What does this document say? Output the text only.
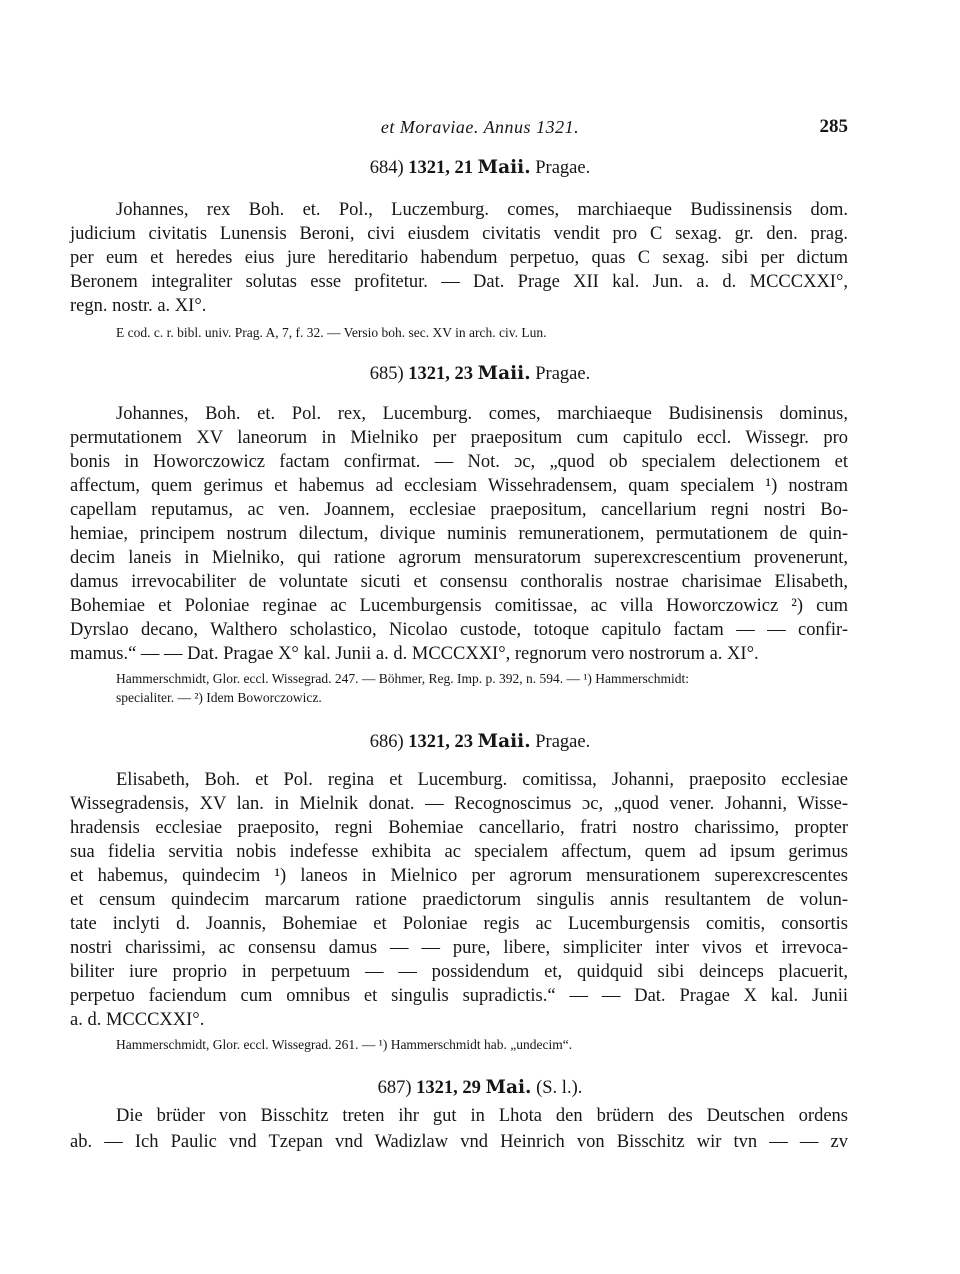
et Moraviae. Annus 1321.	285
684) 1321, 21 Maii. Pragae.
Johannes, rex Boh. et. Pol., Luczemburg. comes, marchiaeque Budissinensis dom.
judicium civitatis Lunensis Beroni, civi eiusdem civitatis vendit pro C sexag. gr. den. prag.
per eum et heredes eius jure hereditario habendum perpetuo, quas C sexag. sibi per dictum
Beronem integraliter solutas esse profitetur. — Dat. Prage XII kal. Jun. a. d. MCCCXXI°,
regn. nostr. a. XI°.
E cod. c. r. bibl. univ. Prag. A, 7, f. 32. — Versio boh. sec. XV in arch. civ. Lun.
685) 1321, 23 Maii. Pragae.
Johannes, Boh. et. Pol. rex, Lucemburg. comes, marchiaeque Budisinensis dominus,
permutationem XV laneorum in Mielniko per praepositum cum capitulo eccl. Wissegr. pro
bonis in Howorczowicz factam confirmat. — Not. ɔc, „quod ob specialem delectionem et
affectum, quem gerimus et habemus ad ecclesiam Wissehradensem, quam specialem ¹) nostram
capellam reputamus, ac ven. Joannem, ecclesiae praepositum, cancellarium regni nostri Bo-
hemiae, principem nostrum dilectum, divique numinis remunerationem, permutationem de quin-
decim laneis in Mielniko, qui ratione agrorum mensuratorum superexcrescentium provenerunt,
damus irrevocabiliter de voluntate sicuti et consensu conthoralis nostrae charisimae Elisabeth,
Bohemiae et Poloniae reginae ac Lucemburgensis comitissae, ac villa Howorczowicz ²) cum
Dyrslao decano, Walthero scholastico, Nicolao custode, totoque capitulo factam — — confir-
mamus.“ — — Dat. Pragae X° kal. Junii a. d. MCCCXXI°, regnorum vero nostrorum a. XI°.
Hammerschmidt, Glor. eccl. Wissegrad. 247. — Böhmer, Reg. Imp. p. 392, n. 594. — ¹) Hammerschmidt:
specialiter. — ²) Idem Boworczowicz.
686) 1321, 23 Maii. Pragae.
Elisabeth, Boh. et Pol. regina et Lucemburg. comitissa, Johanni, praeposito ecclesiae
Wissegradensis, XV lan. in Mielnik donat. — Recognoscimus ɔc, „quod vener. Johanni, Wisse-
hradensis ecclesiae praeposito, regni Bohemiae cancellario, fratri nostro charissimo, propter
sua fidelia servitia nobis indefesse exhibita ac specialem affectum, quem ad ipsum gerimus
et habemus, quindecim ¹) laneos in Mielnico per agrorum mensurationem superexcrescentes
et censum quindecim marcarum ratione praedictorum singulis annis resultantem de volun-
tate inclyti d. Joannis, Bohemiae et Poloniae regis ac Lucemburgensis comitis, consortis
nostri charissimi, ac consensu damus — — pure, libere, simpliciter inter vivos et irrevoca-
biliter iure proprio in perpetuum — — possidendum et, quidquid sibi deinceps placuerit,
perpetuo faciendum cum omnibus et singulis supradictis.“ — — Dat. Pragae X kal. Junii
a. d. MCCCXXI°.
Hammerschmidt, Glor. eccl. Wissegrad. 261. — ¹) Hammerschmidt hab. „undecim“.
687) 1321, 29 Mai. (S. l.).
Die brüder von Bisschitz treten ihr gut in Lhota den brüdern des Deutschen ordens
ab. — Ich Paulic vnd Tzepan vnd Wadizlaw vnd Heinrich von Bisschitz wir tvn — — zv
